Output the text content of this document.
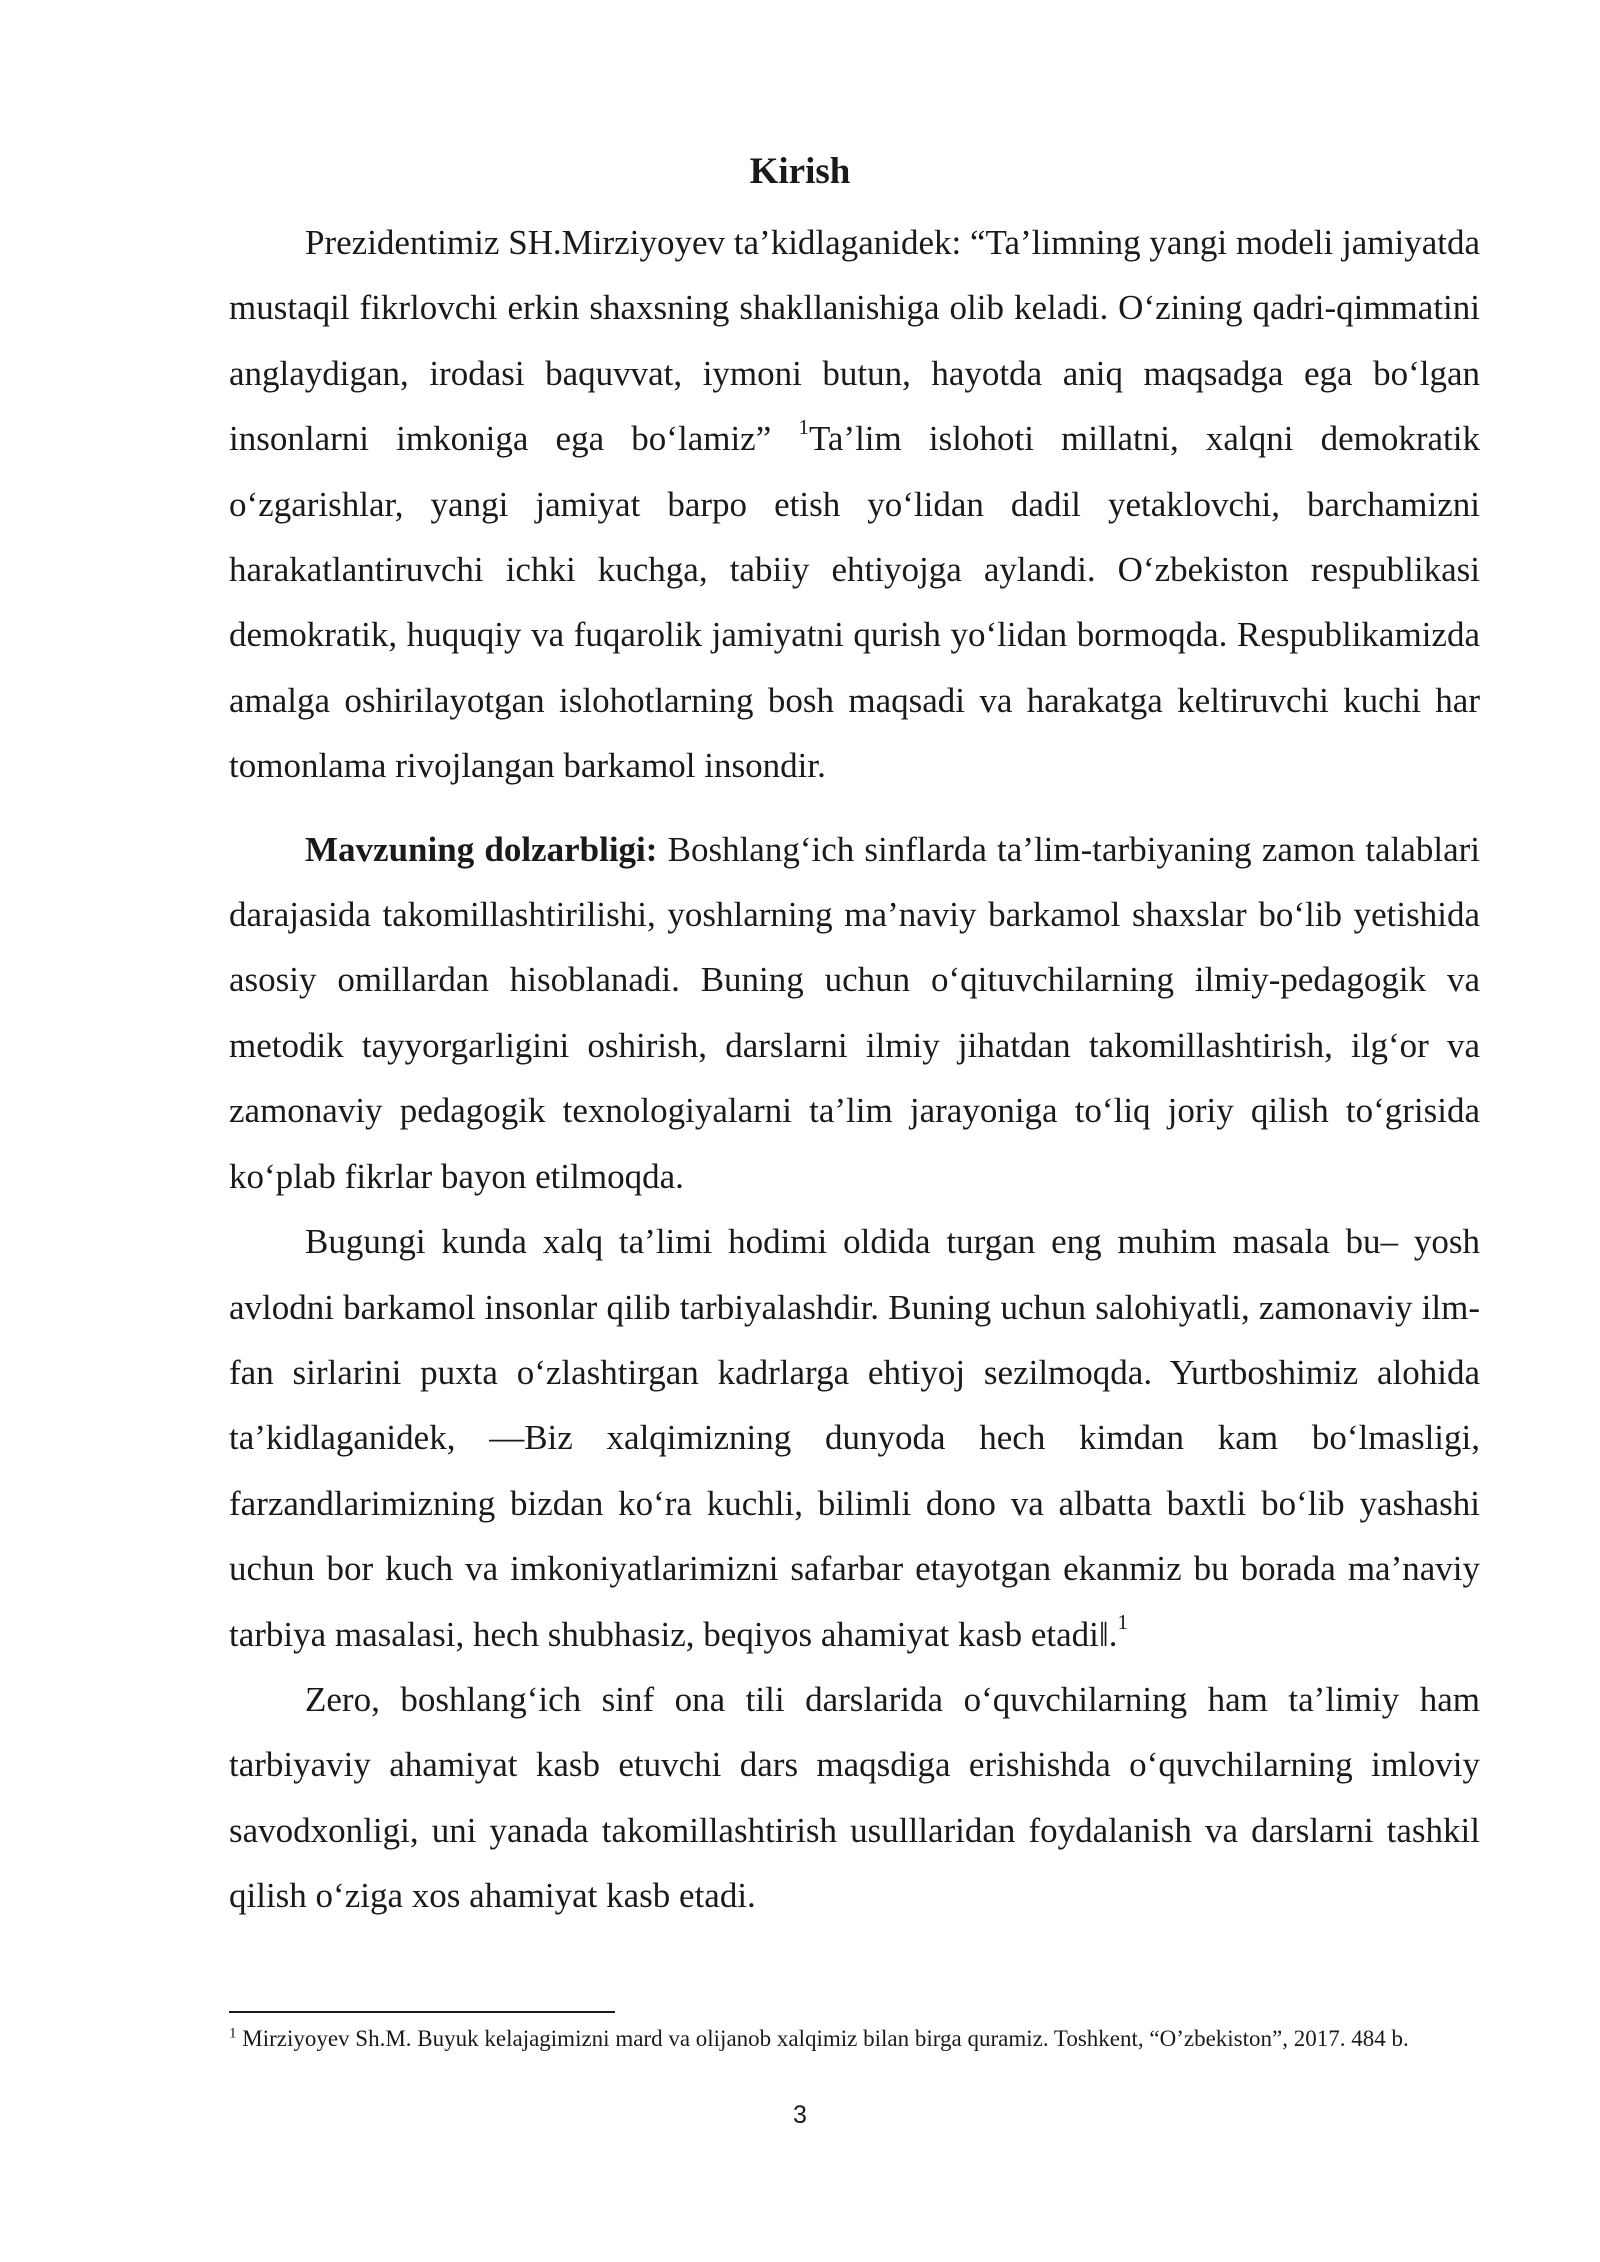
Kirish

Prezidentimiz SH.Mirziyoyev ta’kidlaganidek: “Ta’limning yangi modeli jamiyatda mustaqil fikrlovchi erkin shaxsning shakllanishiga olib keladi. O‘zining qadri-qimmatini anglaydigan, irodasi baquvvat, iymoni butun, hayotda aniq maqsadga ega bo‘lgan insonlarni imkoniga ega bo‘lamiz” $^1$Ta’lim islohoti millatni, xalqni demokratik o‘zgarishlar, yangi jamiyat barpo etish yo‘lidan dadil yetaklovchi, barchamizni harakatlantiruvchi ichki kuchga, tabiiy ehtiyojga aylandi. O‘zbekiston respublikasi demokratik, huquqiy va fuqarolik jamiyatni qurish yo‘lidan bormoqda. Respublikamizda amalga oshirilayotgan islohotlarning bosh maqsadi va harakatga keltiruvchi kuchi har tomonlama rivojlangan barkamol insondir.

Mavzuning dolzarbligi: Boshlang‘ich sinflarda ta’lim-tarbiyaning zamon talablari darajasida takomillashtirilishi, yoshlarning ma’naviy barkamol shaxslar bo‘lib yetishida asosiy omillardan hisoblanadi. Buning uchun o‘qituvchilarning ilmiy-pedagogik va metodik tayyorgarligini oshirish, darslarni ilmiy jihatdan takomillashtirish, ilg‘or va zamonaviy pedagogik texnologiyalarni ta’lim jarayoniga to‘liq joriy qilish to‘grisida ko‘plab fikrlar bayon etilmoqda.

Bugungi kunda xalq ta’limi hodimi oldida turgan eng muhim masala bu– yosh avlodni barkamol insonlar qilib tarbiyalashdir. Buning uchun salohiyatli, zamonaviy ilm-fan sirlarini puxta o‘zlashtirgan kadrlarga ehtiyoj sezilmoqda. Yurtboshimiz alohida ta’kidlaganidek, ―Biz xalqimizning dunyoda hech kimdan kam bo‘lmasligi, farzandlarimizning bizdan ko‘ra kuchli, bilimli dono va albatta baxtli bo‘lib yashashi uchun bor kuch va imkoniyatlarimizni safarbar etayotgan ekanmiz bu borada ma’naviy tarbiya masalasi, hech shubhasiz, beqiyos ahamiyat kasb etadi‖.$^1$

Zero, boshlang‘ich sinf ona tili darslarida o‘quvchilarning ham ta’limiy ham tarbiyaviy ahamiyat kasb etuvchi dars maqsdiga erishishda o‘quvchilarning imloviy savodxonligi, uni yanada takomillashtirish usulllaridan foydalanish va darslarni tashkil qilish o‘ziga xos ahamiyat kasb etadi.

$^1$ Mirziyoyev Sh.M. Buyuk kelajagimizni mard va olijanob xalqimiz bilan birga quramiz. Toshkent, “O’zbekiston”, 2017. 484 b.

3
